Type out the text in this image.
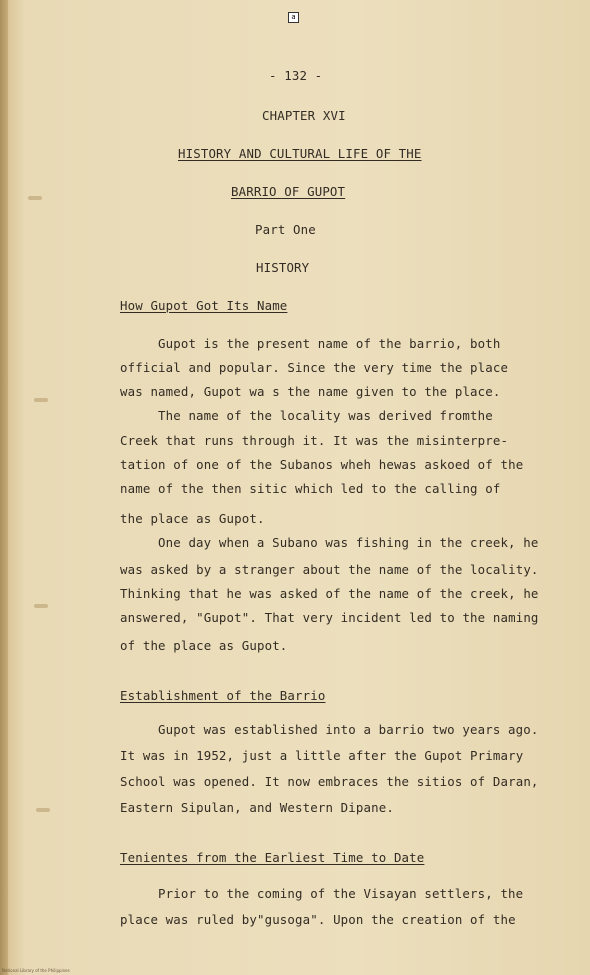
a
- 132 -
CHAPTER XVI
HISTORY AND CULTURAL LIFE OF THE
BARRIO OF GUPOT
Part One
HISTORY
How Gupot Got Its Name
Gupot is the present name of the barrio, both
official and popular. Since the very time the place
was named, Gupot wa s the name given to the place.
The name of the locality was derived fromthe
Creek that runs through it. It was the misinterpre-
tation of one of the Subanos wheh hewas askoed of the
name of the then sitic which led to the calling of
the place as Gupot.
One day when a Subano was fishing in the creek, he
was asked by a stranger about the name of the locality.
Thinking that he was asked of the name of the creek, he
answered, "Gupot". That very incident led to the naming
of the place as Gupot.
Establishment of the Barrio
Gupot was established into a barrio two years ago.
It was in 1952, just a little after the Gupot Primary
School was opened. It now embraces the sitios of Daran,
Eastern Sipulan, and Western Dipane.
Tenientes from the Earliest Time to Date
Prior to the coming of the Visayan settlers, the
place was ruled by"gusoga". Upon the creation of the
National Library of the Philippines
